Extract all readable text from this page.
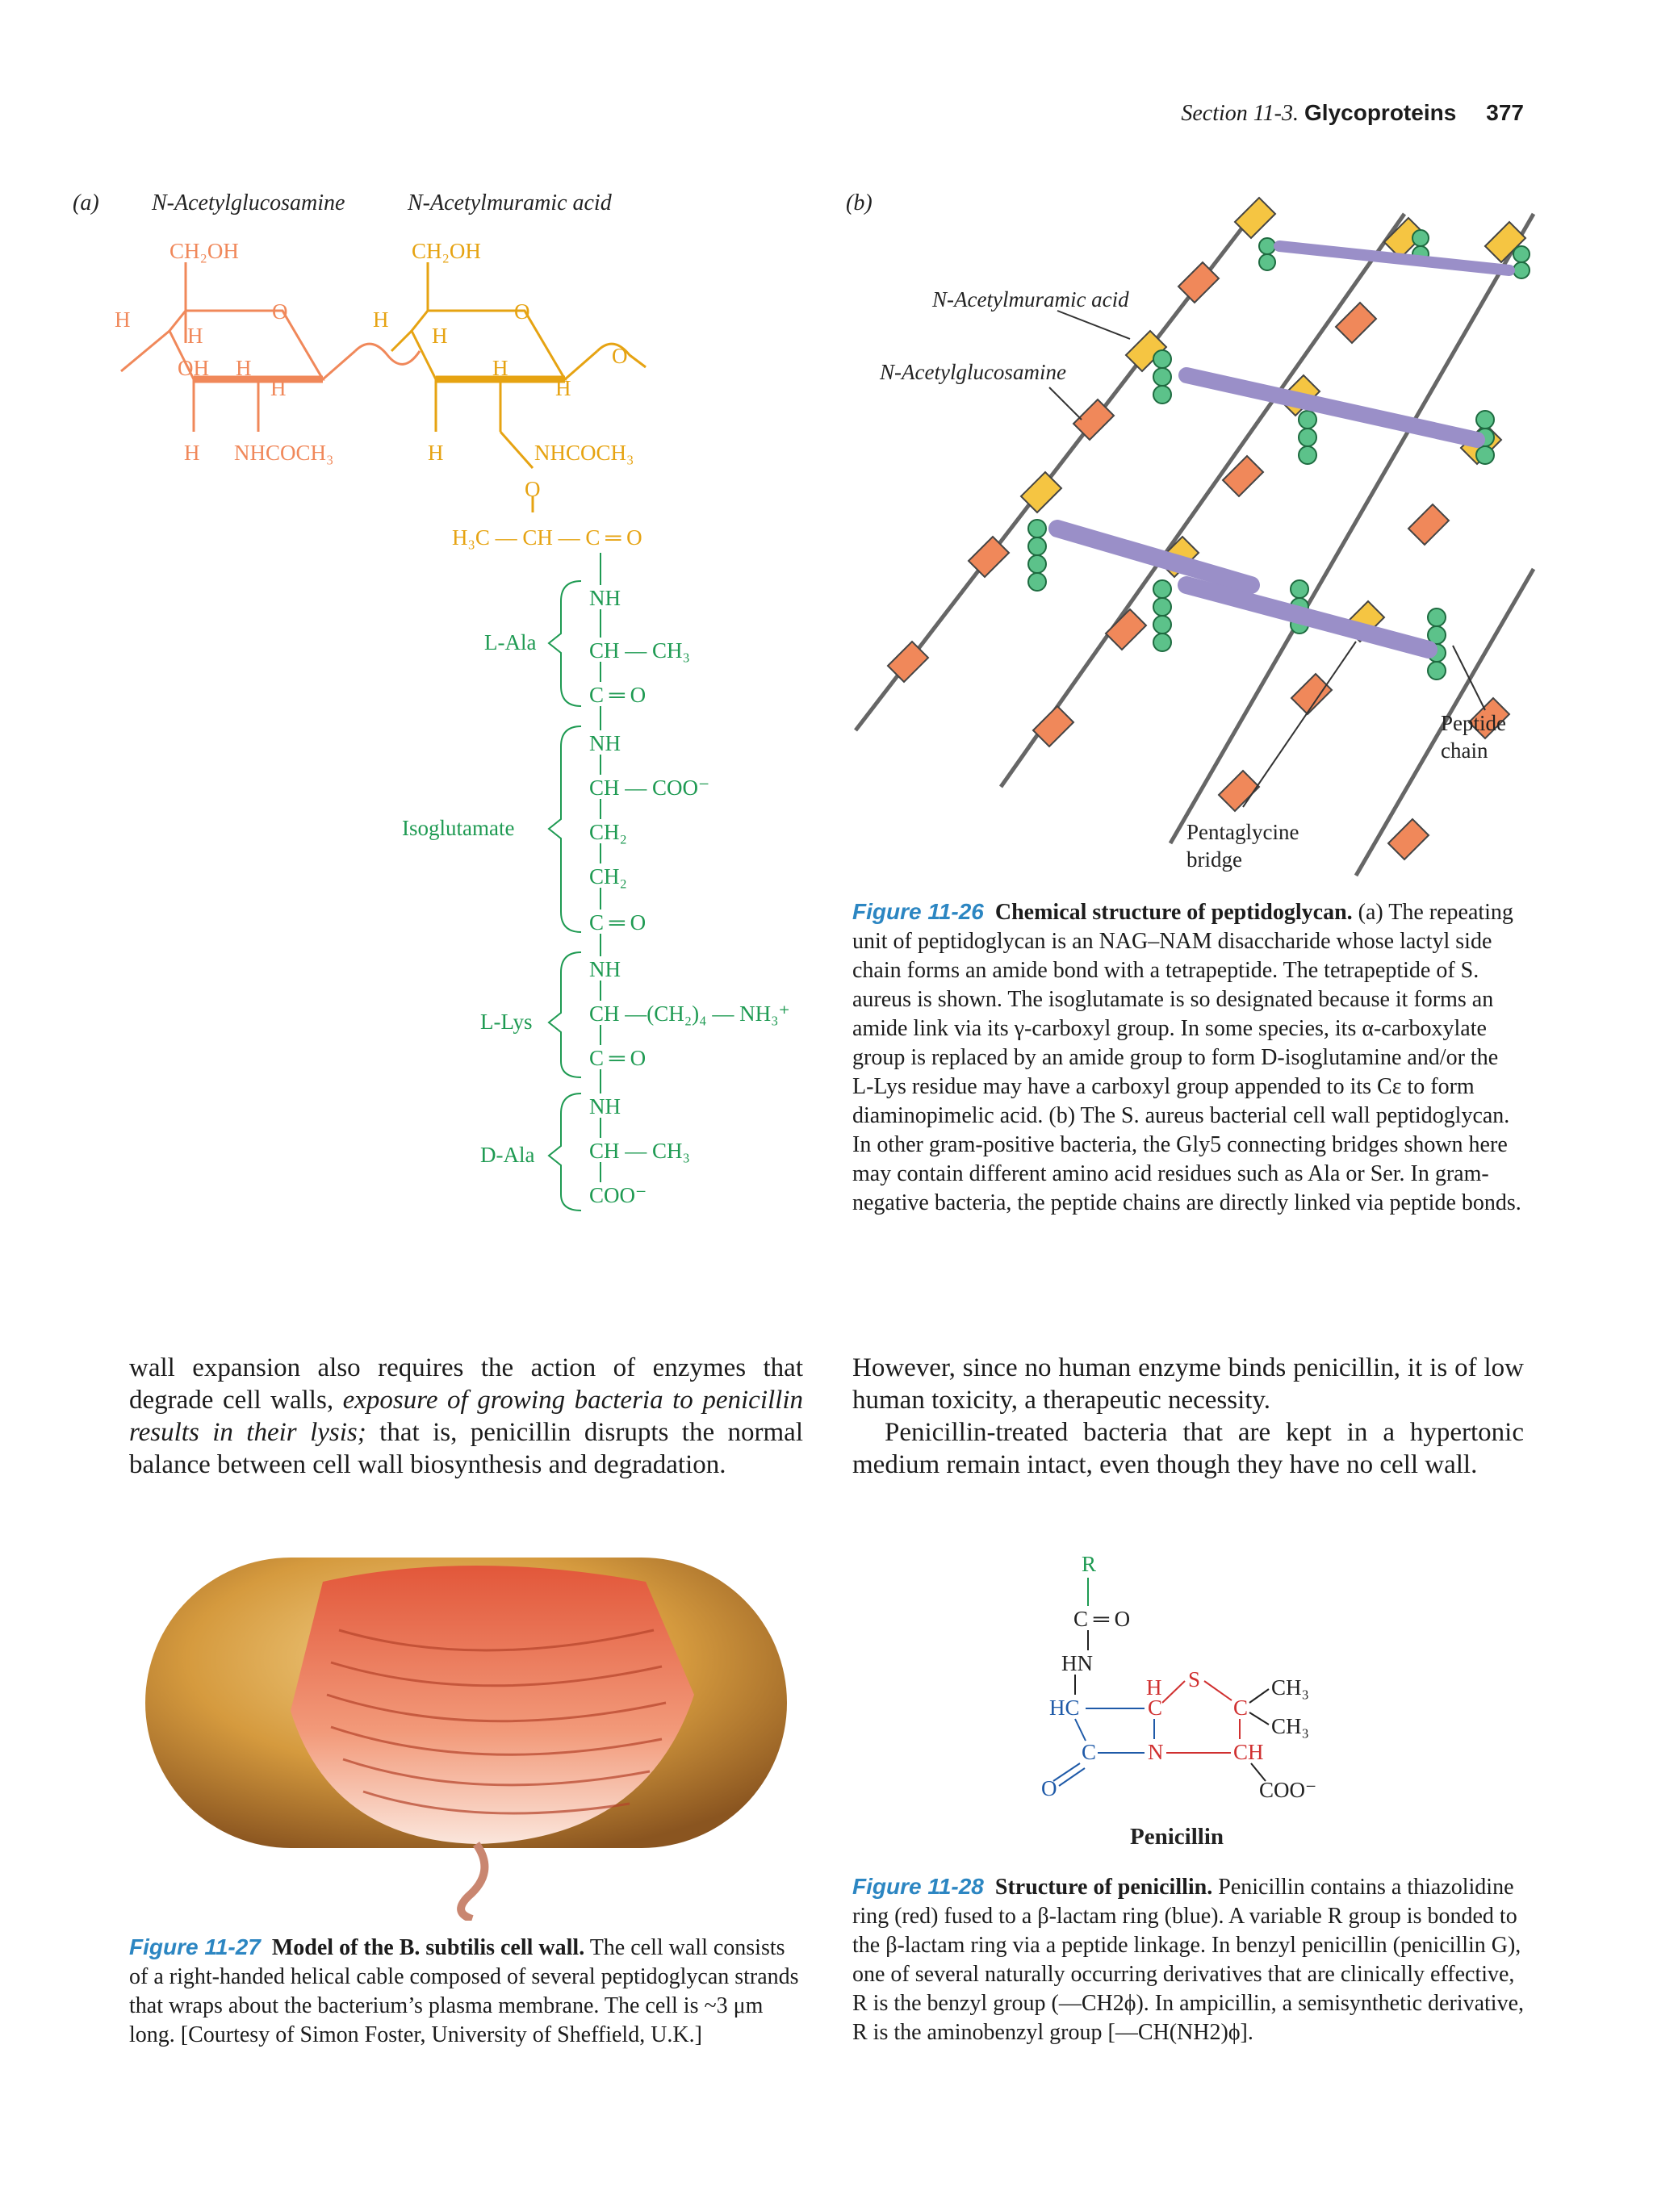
Section 11-3. Glycoproteins 377
(a) N-Acetylglucosamine	N-Acetylmuramic acid
CH₂OH
H
H
O
OH H
H
H NHCOCH₃
CH₂OH
H
H
O
H
H
O
H	NHCOCH₃
O
H₃C — CH — C ═ O
NH
CH — CH₃
C ═ O
NH
CH — COO⁻
CH₂
CH₂
C ═ O
NH
CH —(CH₂)₄ — NH₃⁺
C ═ O
NH
CH — CH₃
COO⁻
L-Ala
Isoglutamate
L-Lys
D-Ala
(b)
N-Acetylmuramic acid
N-Acetylglucosamine
Peptide
chain
Pentaglycine
bridge
Figure 11-26 Chemical structure of peptidoglycan. (a) The repeating unit of peptidoglycan is an NAG–NAM disaccharide whose lactyl side chain forms an amide bond with a tetrapeptide. The tetrapeptide of S. aureus is shown. The isoglutamate is so designated because it forms an amide link via its γ-carboxyl group. In some species, its α-carboxylate group is replaced by an amide group to form D-isoglutamine and/or the L-Lys residue may have a carboxyl group appended to its Cε to form diaminopimelic acid. (b) The S. aureus bacterial cell wall peptidoglycan. In other gram-positive bacteria, the Gly5 connecting bridges shown here may contain different amino acid residues such as Ala or Ser. In gram-negative bacteria, the peptide chains are directly linked via peptide bonds.

wall expansion also requires the action of enzymes that degrade cell walls, exposure of growing bacteria to penicillin results in their lysis; that is, penicillin disrupts the normal balance between cell wall biosynthesis and degradation.

However, since no human enzyme binds penicillin, it is of low human toxicity, a therapeutic necessity.

Penicillin-treated bacteria that are kept in a hypertonic medium remain intact, even though they have no cell wall.

Figure 11-27 Model of the B. subtilis cell wall. The cell wall consists of a right-handed helical cable composed of several peptidoglycan strands that wraps about the bacterium’s plasma membrane. The cell is ~3 μm long. [Courtesy of Simon Foster, University of Sheffield, U.K.]
R
C ═ O
HN
HC
H S
C	C
CH₃
CH₃
C N	CH
O	COO⁻
Penicillin
Figure 11-28 Structure of penicillin. Penicillin contains a thiazolidine ring (red) fused to a β-lactam ring (blue). A variable R group is bonded to the β-lactam ring via a peptide linkage. In benzyl penicillin (penicillin G), one of several naturally occurring derivatives that are clinically effective, R is the benzyl group (—CH2ϕ). In ampicillin, a semisynthetic derivative, R is the aminobenzyl group [—CH(NH2)ϕ].
